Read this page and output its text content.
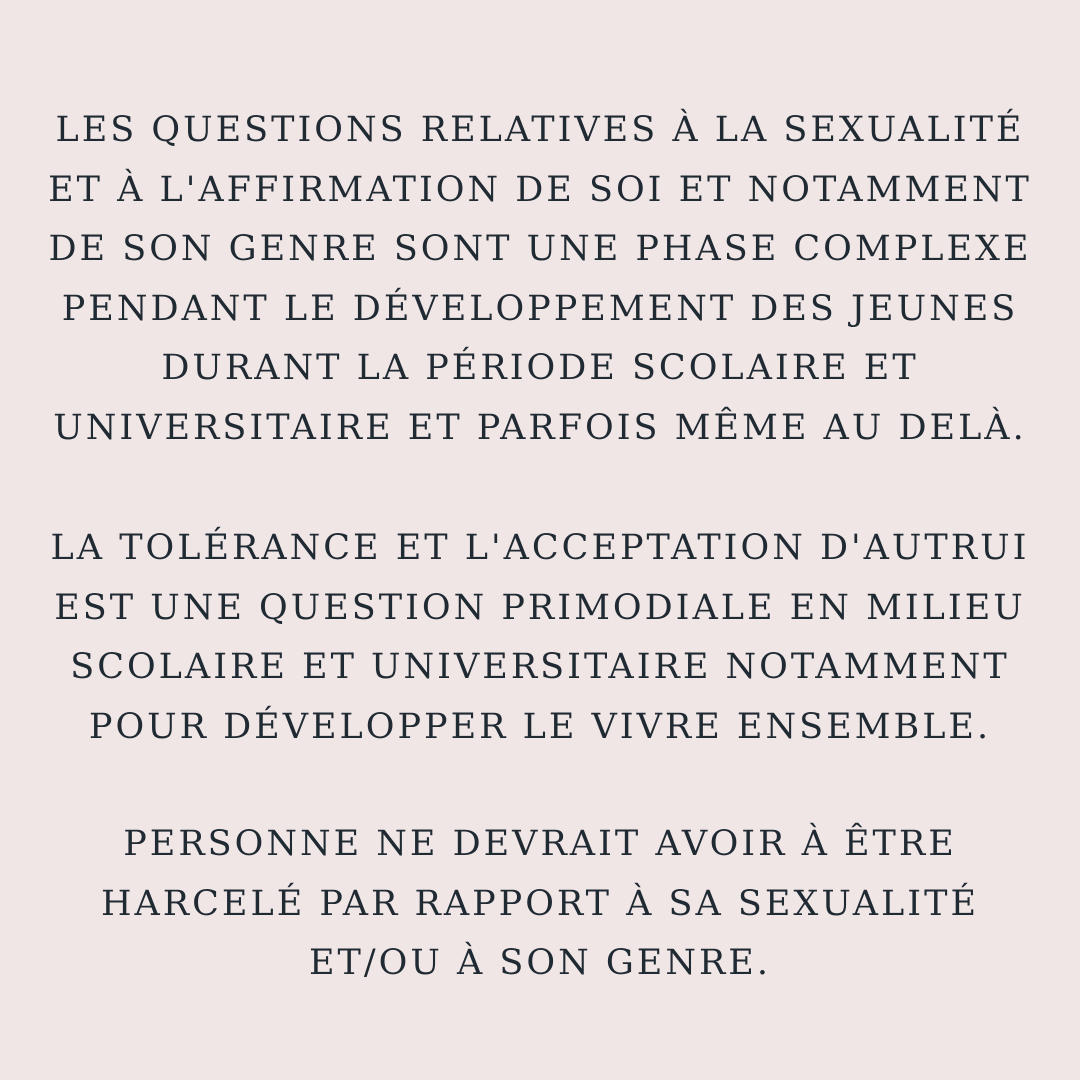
LES QUESTIONS RELATIVES À LA SEXUALITÉ
ET À L'AFFIRMATION DE SOI ET NOTAMMENT
DE SON GENRE SONT UNE PHASE COMPLEXE
PENDANT LE DÉVELOPPEMENT DES JEUNES
DURANT LA PÉRIODE SCOLAIRE ET
UNIVERSITAIRE ET PARFOIS MÊME AU DELÀ.
LA TOLÉRANCE ET L'ACCEPTATION D'AUTRUI
EST UNE QUESTION PRIMODIALE EN MILIEU
SCOLAIRE ET UNIVERSITAIRE NOTAMMENT
POUR DÉVELOPPER LE VIVRE ENSEMBLE.
PERSONNE NE DEVRAIT AVOIR À ÊTRE
HARCELÉ PAR RAPPORT À SA SEXUALITÉ
ET/OU À SON GENRE.
